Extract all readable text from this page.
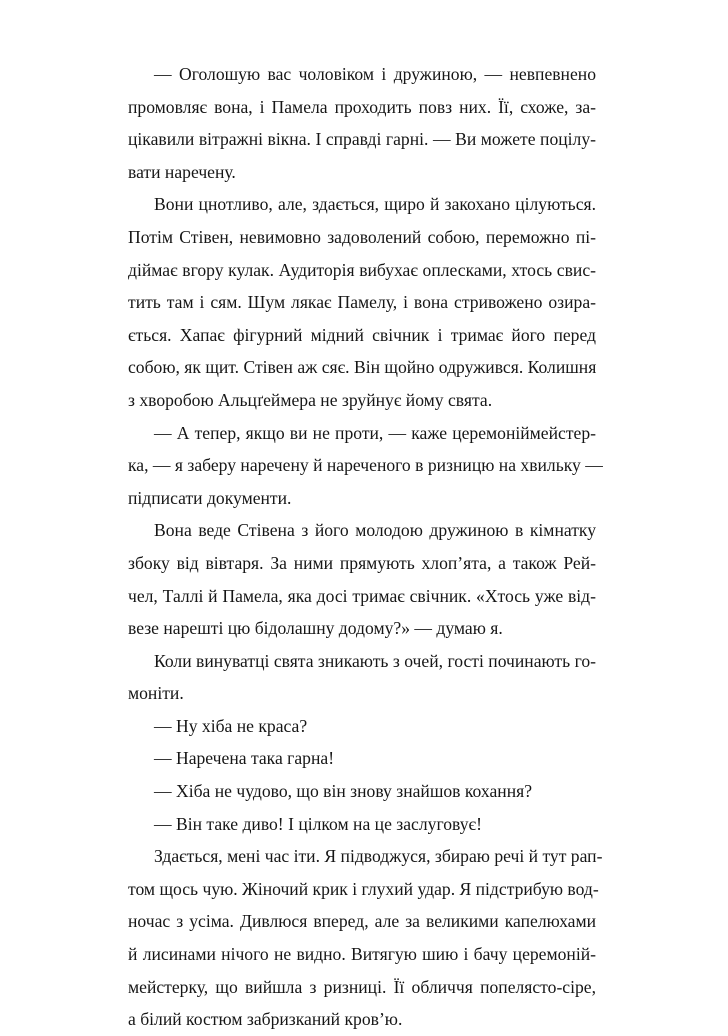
— Оголошую вас чоловіком і дружиною, — невпевнено
промовляє вона, і Памела проходить повз них. Її, схоже, за-
цікавили вітражні вікна. І справді гарні. — Ви можете поцілу-
вати наречену.

Вони цнотливо, але, здається, щиро й закохано цілуються.
Потім Стівен, невимовно задоволений собою, переможно пі-
діймає вгору кулак. Аудиторія вибухає оплесками, хтось свис-
тить там і сям. Шум лякає Памелу, і вона стривожено озира-
ється. Хапає фігурний мідний свічник і тримає його перед
собою, як щит. Стівен аж сяє. Він щойно одружився. Колишня
з хворобою Альцґеймера не зруйнує йому свята.

— А тепер, якщо ви не проти, — каже церемоніймейстер-
ка, — я заберу наречену й нареченого в ризницю на хвильку —
підписати документи.

Вона веде Стівена з його молодою дружиною в кімнатку
збоку від вівтаря. За ними прямують хлоп’ята, а також Рей-
чел, Таллі й Памела, яка досі тримає свічник. «Хтось уже від-
везе нарешті цю бідолашну додому?» — думаю я.

Коли винуватці свята зникають з очей, гості починають го-
моніти.

— Ну хіба не краса?

— Наречена така гарна!

— Хіба не чудово, що він знову знайшов кохання?

— Він таке диво! І цілком на це заслуговує!

Здається, мені час іти. Я підводжуся, збираю речі й тут рап-
том щось чую. Жіночий крик і глухий удар. Я підстрибую вод-
ночас з усіма. Дивлюся вперед, але за великими капелюхами
й лисинами нічого не видно. Витягую шию і бачу церемоній-
мейстерку, що вийшла з ризниці. Її обличчя попелясто-сіре,
а білий костюм забризканий кров’ю.
